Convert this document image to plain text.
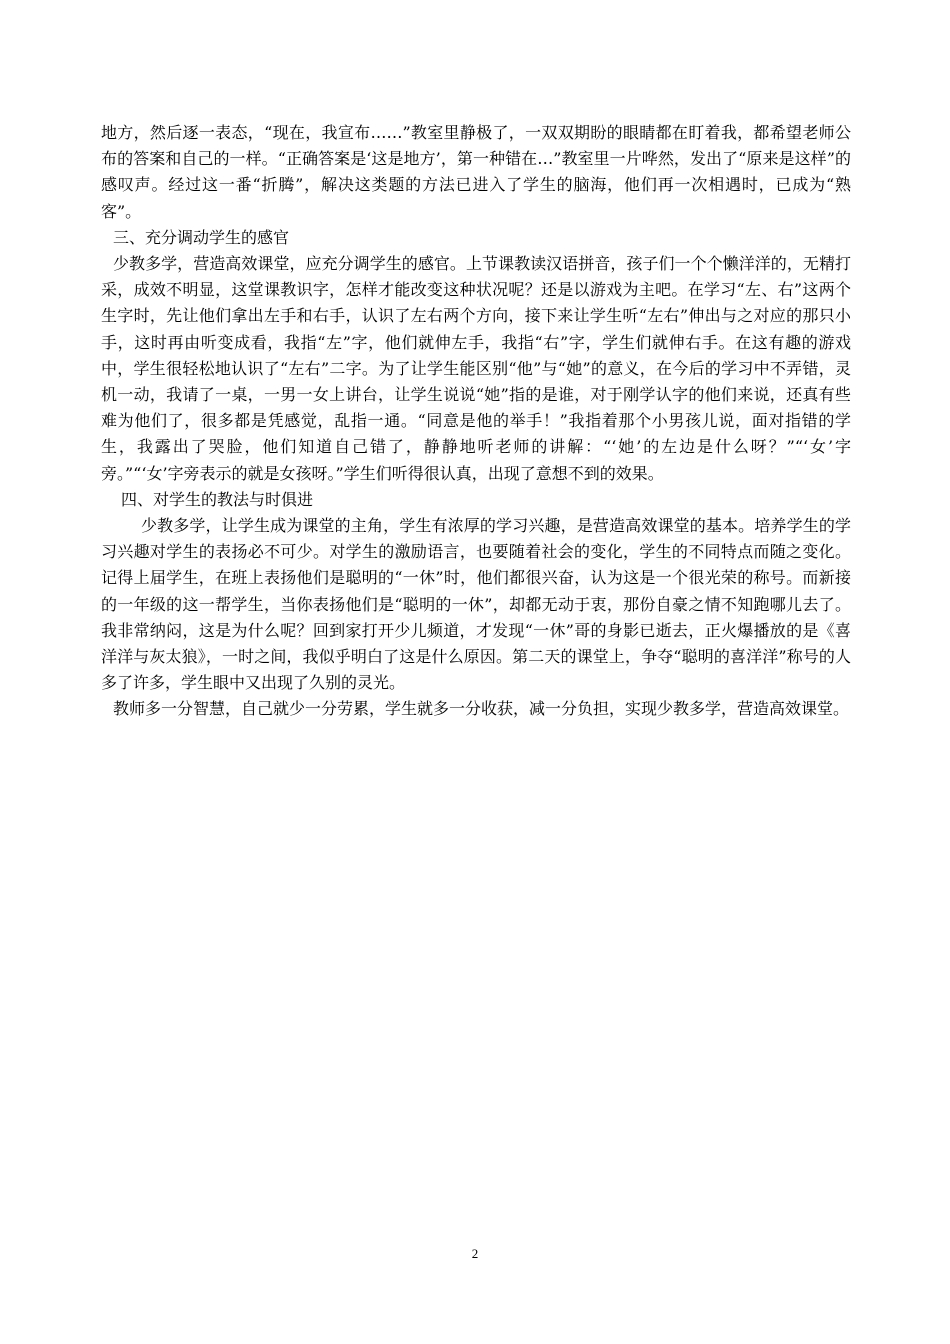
地方，然后逐一表态，“现在，我宣布……”教室里静极了，一双双期盼的眼睛都在盯着我，都希望老师公布的答案和自己的一样。“正确答案是‘这是地方’，第一种错在…”教室里一片哗然，发出了“原来是这样”的感叹声。经过这一番“折腾”，解决这类题的方法已进入了学生的脑海，他们再一次相遇时，已成为“熟客”。

三、充分调动学生的感官

少教多学，营造高效课堂，应充分调学生的感官。上节课教读汉语拼音，孩子们一个个懒洋洋的，无精打采，成效不明显，这堂课教识字，怎样才能改变这种状况呢？还是以游戏为主吧。在学习“左、右”这两个生字时，先让他们拿出左手和右手，认识了左右两个方向，接下来让学生听“左右”伸出与之对应的那只小手，这时再由听变成看，我指“左”字，他们就伸左手，我指“右”字，学生们就伸右手。在这有趣的游戏中，学生很轻松地认识了“左右”二字。为了让学生能区别“他”与“她”的意义，在今后的学习中不弄错，灵机一动，我请了一桌，一男一女上讲台，让学生说说“她”指的是谁，对于刚学认字的他们来说，还真有些难为他们了，很多都是凭感觉，乱指一通。“同意是他的举手！”我指着那个小男孩儿说，面对指错的学生，我露出了哭脸，他们知道自己错了，静静地听老师的讲解：“‘她’的左边是什么呀？”“‘女’字旁。”“‘女’字旁表示的就是女孩呀。”学生们听得很认真，出现了意想不到的效果。

四、对学生的教法与时俱进

少教多学，让学生成为课堂的主角，学生有浓厚的学习兴趣，是营造高效课堂的基本。培养学生的学习兴趣对学生的表扬必不可少。对学生的激励语言，也要随着社会的变化，学生的不同特点而随之变化。记得上届学生，在班上表扬他们是聪明的“一休”时，他们都很兴奋，认为这是一个很光荣的称号。而新接的一年级的这一帮学生，当你表扬他们是“聪明的一休”，却都无动于衷，那份自豪之情不知跑哪儿去了。我非常纳闷，这是为什么呢？回到家打开少儿频道，才发现“一休”哥的身影已逝去，正火爆播放的是《喜洋洋与灰太狼》，一时之间，我似乎明白了这是什么原因。第二天的课堂上，争夺“聪明的喜洋洋”称号的人多了许多，学生眼中又出现了久别的灵光。

教师多一分智慧，自己就少一分劳累，学生就多一分收获，减一分负担，实现少教多学，营造高效课堂。

2
